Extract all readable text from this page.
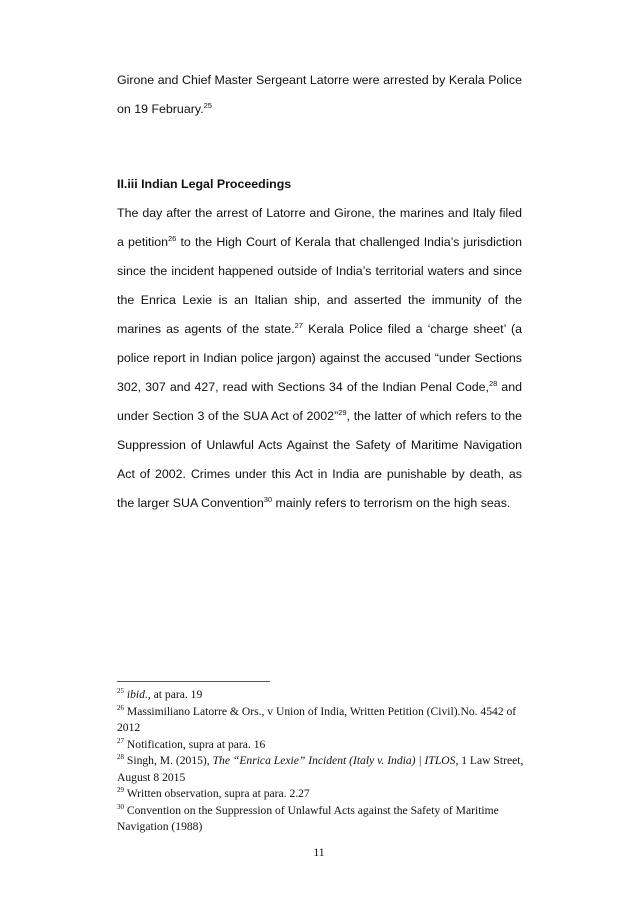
Girone and Chief Master Sergeant Latorre were arrested by Kerala Police on 19 February.$^{25}$

II.iii Indian Legal Proceedings

The day after the arrest of Latorre and Girone, the marines and Italy filed a petition$^{26}$ to the High Court of Kerala that challenged India’s jurisdiction since the incident happened outside of India’s territorial waters and since the Enrica Lexie is an Italian ship, and asserted the immunity of the marines as agents of the state.$^{27}$ Kerala Police filed a ‘charge sheet’ (a police report in Indian police jargon) against the accused “under Sections 302, 307 and 427, read with Sections 34 of the Indian Penal Code,$^{28}$ and under Section 3 of the SUA Act of 2002”$^{29}$, the latter of which refers to the Suppression of Unlawful Acts Against the Safety of Maritime Navigation Act of 2002. Crimes under this Act in India are punishable by death, as the larger SUA Convention$^{30}$ mainly refers to terrorism on the high seas.

$^{25}$ ibid., at para. 19

$^{26}$ Massimiliano Latorre & Ors., v Union of India, Written Petition (Civil).No. 4542 of 2012

$^{27}$ Notification, supra at para. 16

$^{28}$ Singh, M. (2015), The “Enrica Lexie” Incident (Italy v. India) | ITLOS, 1 Law Street, August 8 2015

$^{29}$ Written observation, supra at para. 2.27

$^{30}$ Convention on the Suppression of Unlawful Acts against the Safety of Maritime Navigation (1988)

11
